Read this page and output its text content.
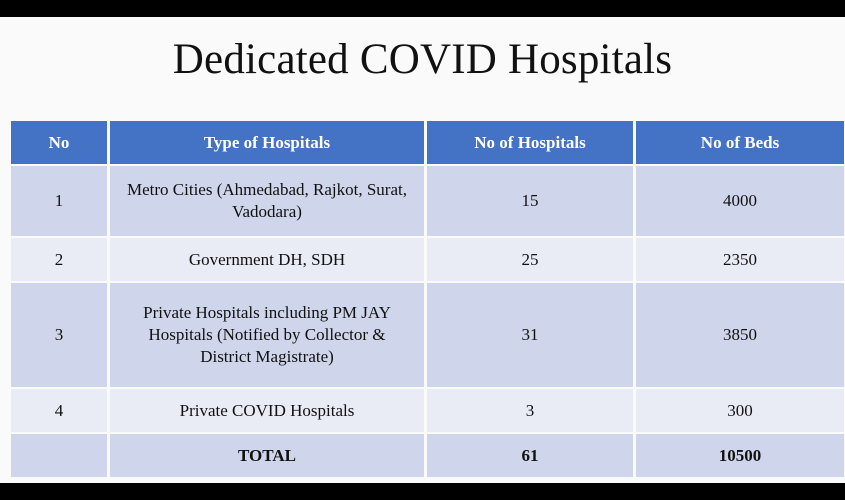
Dedicated COVID Hospitals
No	Type of Hospitals	No of Hospitals	No of Beds
1	Metro Cities (Ahmedabad, Rajkot, Surat, Vadodara)	15	4000
2	Government DH, SDH	25	2350
3	Private Hospitals including PM JAY Hospitals (Notified by Collector & District Magistrate)	31	3850
4	Private COVID Hospitals	3	300
	TOTAL	61	10500
